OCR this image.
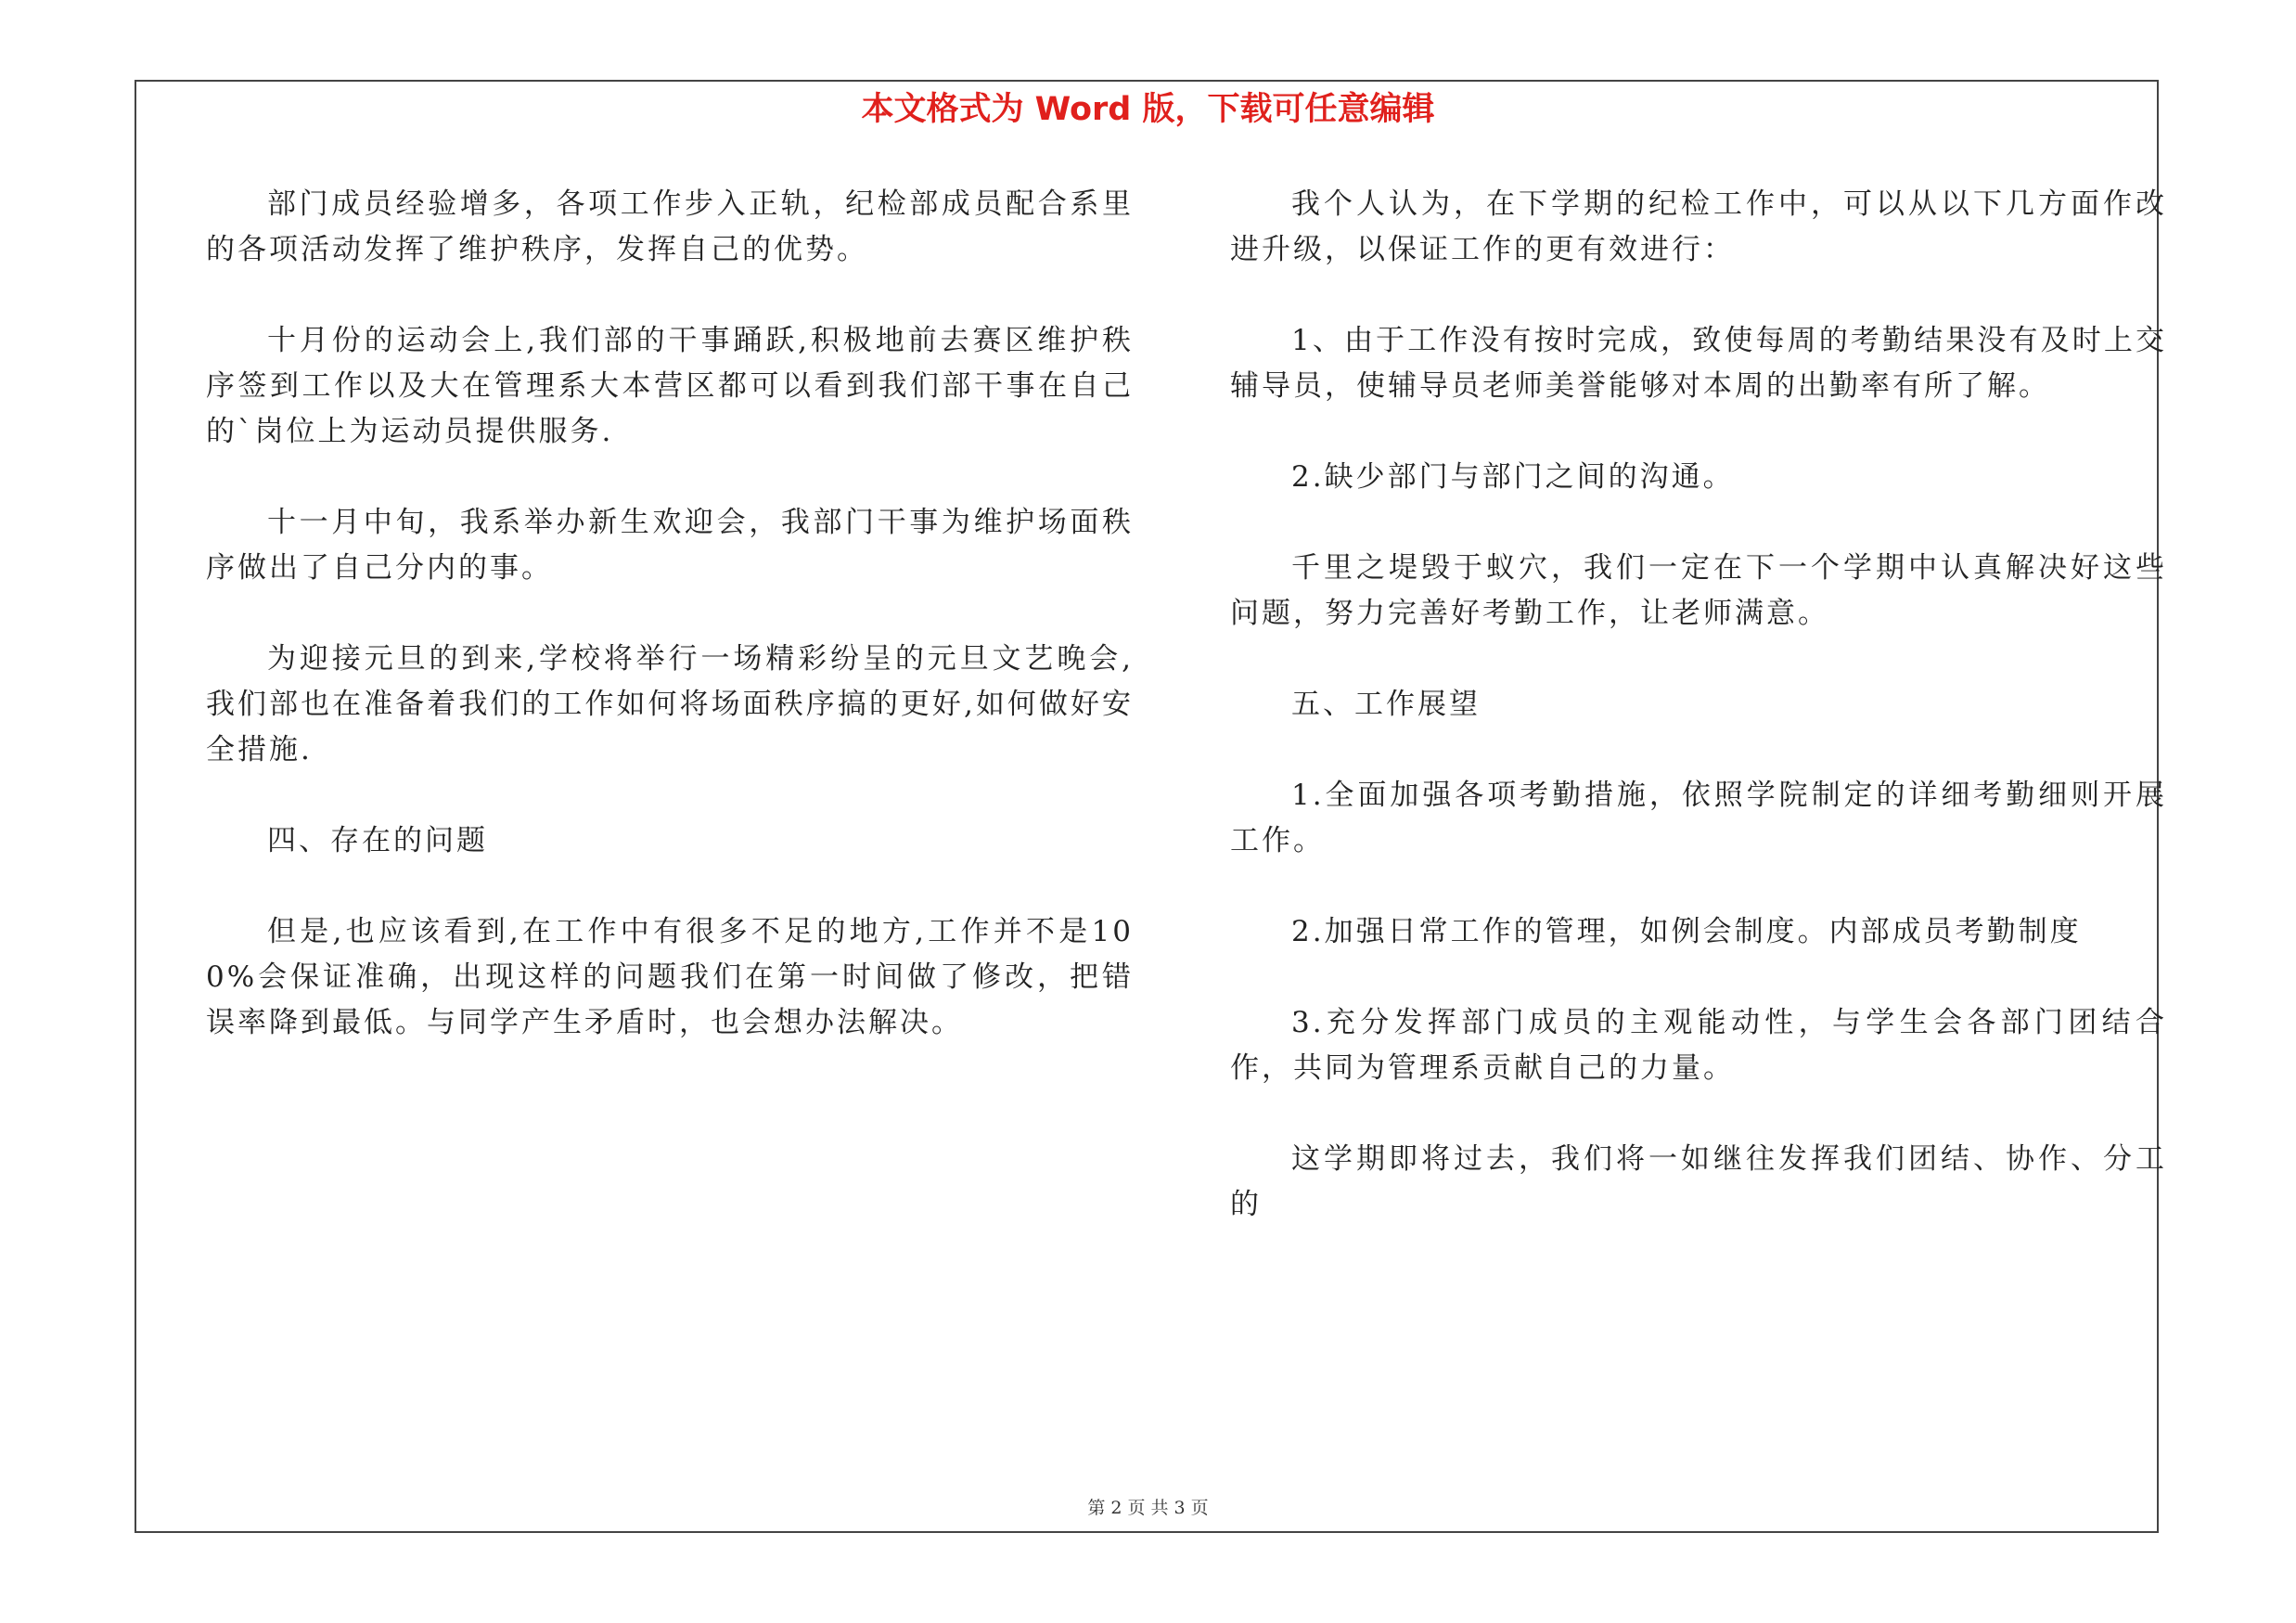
本文格式为 Word 版，下载可任意编辑

部门成员经验增多，各项工作步入正轨，纪检部成员配合系里的各项活动发挥了维护秩序，发挥自己的优势。

十月份的运动会上,我们部的干事踊跃,积极地前去赛区维护秩序签到工作以及大在管理系大本营区都可以看到我们部干事在自己的`岗位上为运动员提供服务.

十一月中旬，我系举办新生欢迎会，我部门干事为维护场面秩序做出了自己分内的事。

为迎接元旦的到来,学校将举行一场精彩纷呈的元旦文艺晚会,我们部也在准备着我们的工作如何将场面秩序搞的更好,如何做好安全措施.

四、存在的问题

但是,也应该看到,在工作中有很多不足的地方,工作并不是100%会保证准确，出现这样的问题我们在第一时间做了修改，把错误率降到最低。与同学产生矛盾时，也会想办法解决。

我个人认为，在下学期的纪检工作中，可以从以下几方面作改进升级，以保证工作的更有效进行：

1、由于工作没有按时完成，致使每周的考勤结果没有及时上交辅导员，使辅导员老师美誉能够对本周的出勤率有所了解。

2.缺少部门与部门之间的沟通。

千里之堤毁于蚁穴，我们一定在下一个学期中认真解决好这些问题，努力完善好考勤工作，让老师满意。

五、工作展望

1.全面加强各项考勤措施，依照学院制定的详细考勤细则开展工作。

2.加强日常工作的管理，如例会制度。内部成员考勤制度

3.充分发挥部门成员的主观能动性，与学生会各部门团结合作，共同为管理系贡献自己的力量。

这学期即将过去，我们将一如继往发挥我们团结、协作、分工的

第 2 页 共 3 页
